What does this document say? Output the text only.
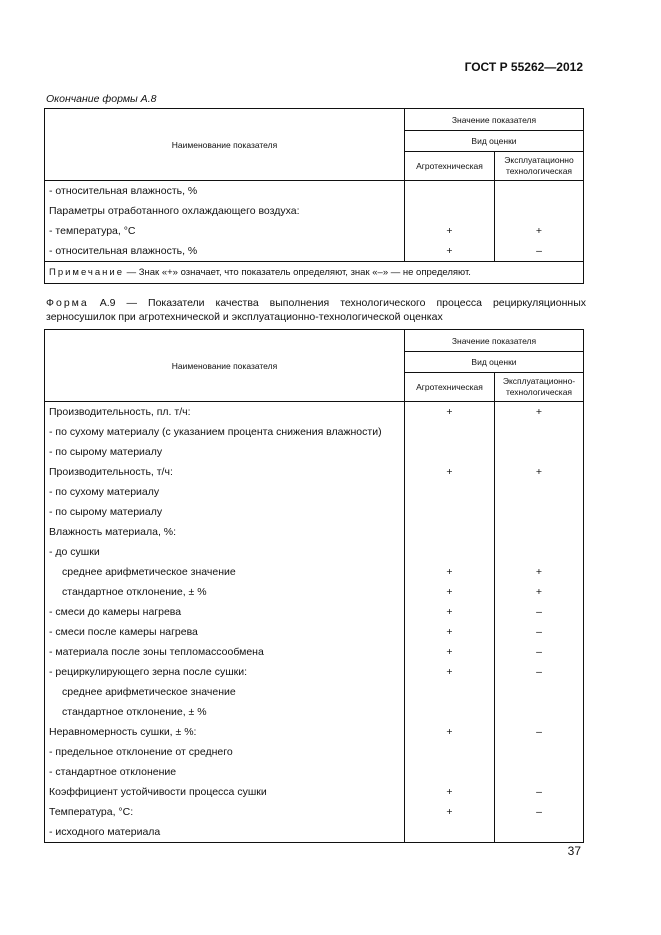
ГОСТ Р 55262—2012
Окончание формы А.8
Наименование показателя	Значение показателя	
	Вид оценки	
	Агротехническая	Эксплуатационно
технологическая
- относительная влажность, %		
Параметры отработанного охлаждающего воздуха:		
- температура, °С	+	+
- относительная влажность, %	+	–
Примечание — Знак «+» означает, что показатель определяют, знак «–» — не определяют.		
Форма А.9 — Показатели качества выполнения технологического процесса рециркуляционных зерносушилок при агротехнической и эксплуатационно-технологической оценках
Наименование показателя	Значение показателя	
	Вид оценки	
	Агротехническая	Эксплуатационно-
технологическая
Производительность, пл. т/ч:	+	+
- по сухому материалу (с указанием процента снижения влажности)		
- по сырому материалу		
Производительность, т/ч:	+	+
- по сухому материалу		
- по сырому материалу		
Влажность материала, %:		
- до сушки		
среднее арифметическое значение	+	+
стандартное отклонение, ± %	+	+
- смеси до камеры нагрева	+	–
- смеси после камеры нагрева	+	–
- материала после зоны тепломассообмена	+	–
- рециркулирующего зерна после сушки:	+	–
среднее арифметическое значение		
стандартное отклонение, ± %		
Неравномерность сушки, ± %:	+	–
- предельное отклонение от среднего		
- стандартное отклонение		
Коэффициент устойчивости процесса сушки	+	–
Температура, °С:	+	–
- исходного материала		
37
